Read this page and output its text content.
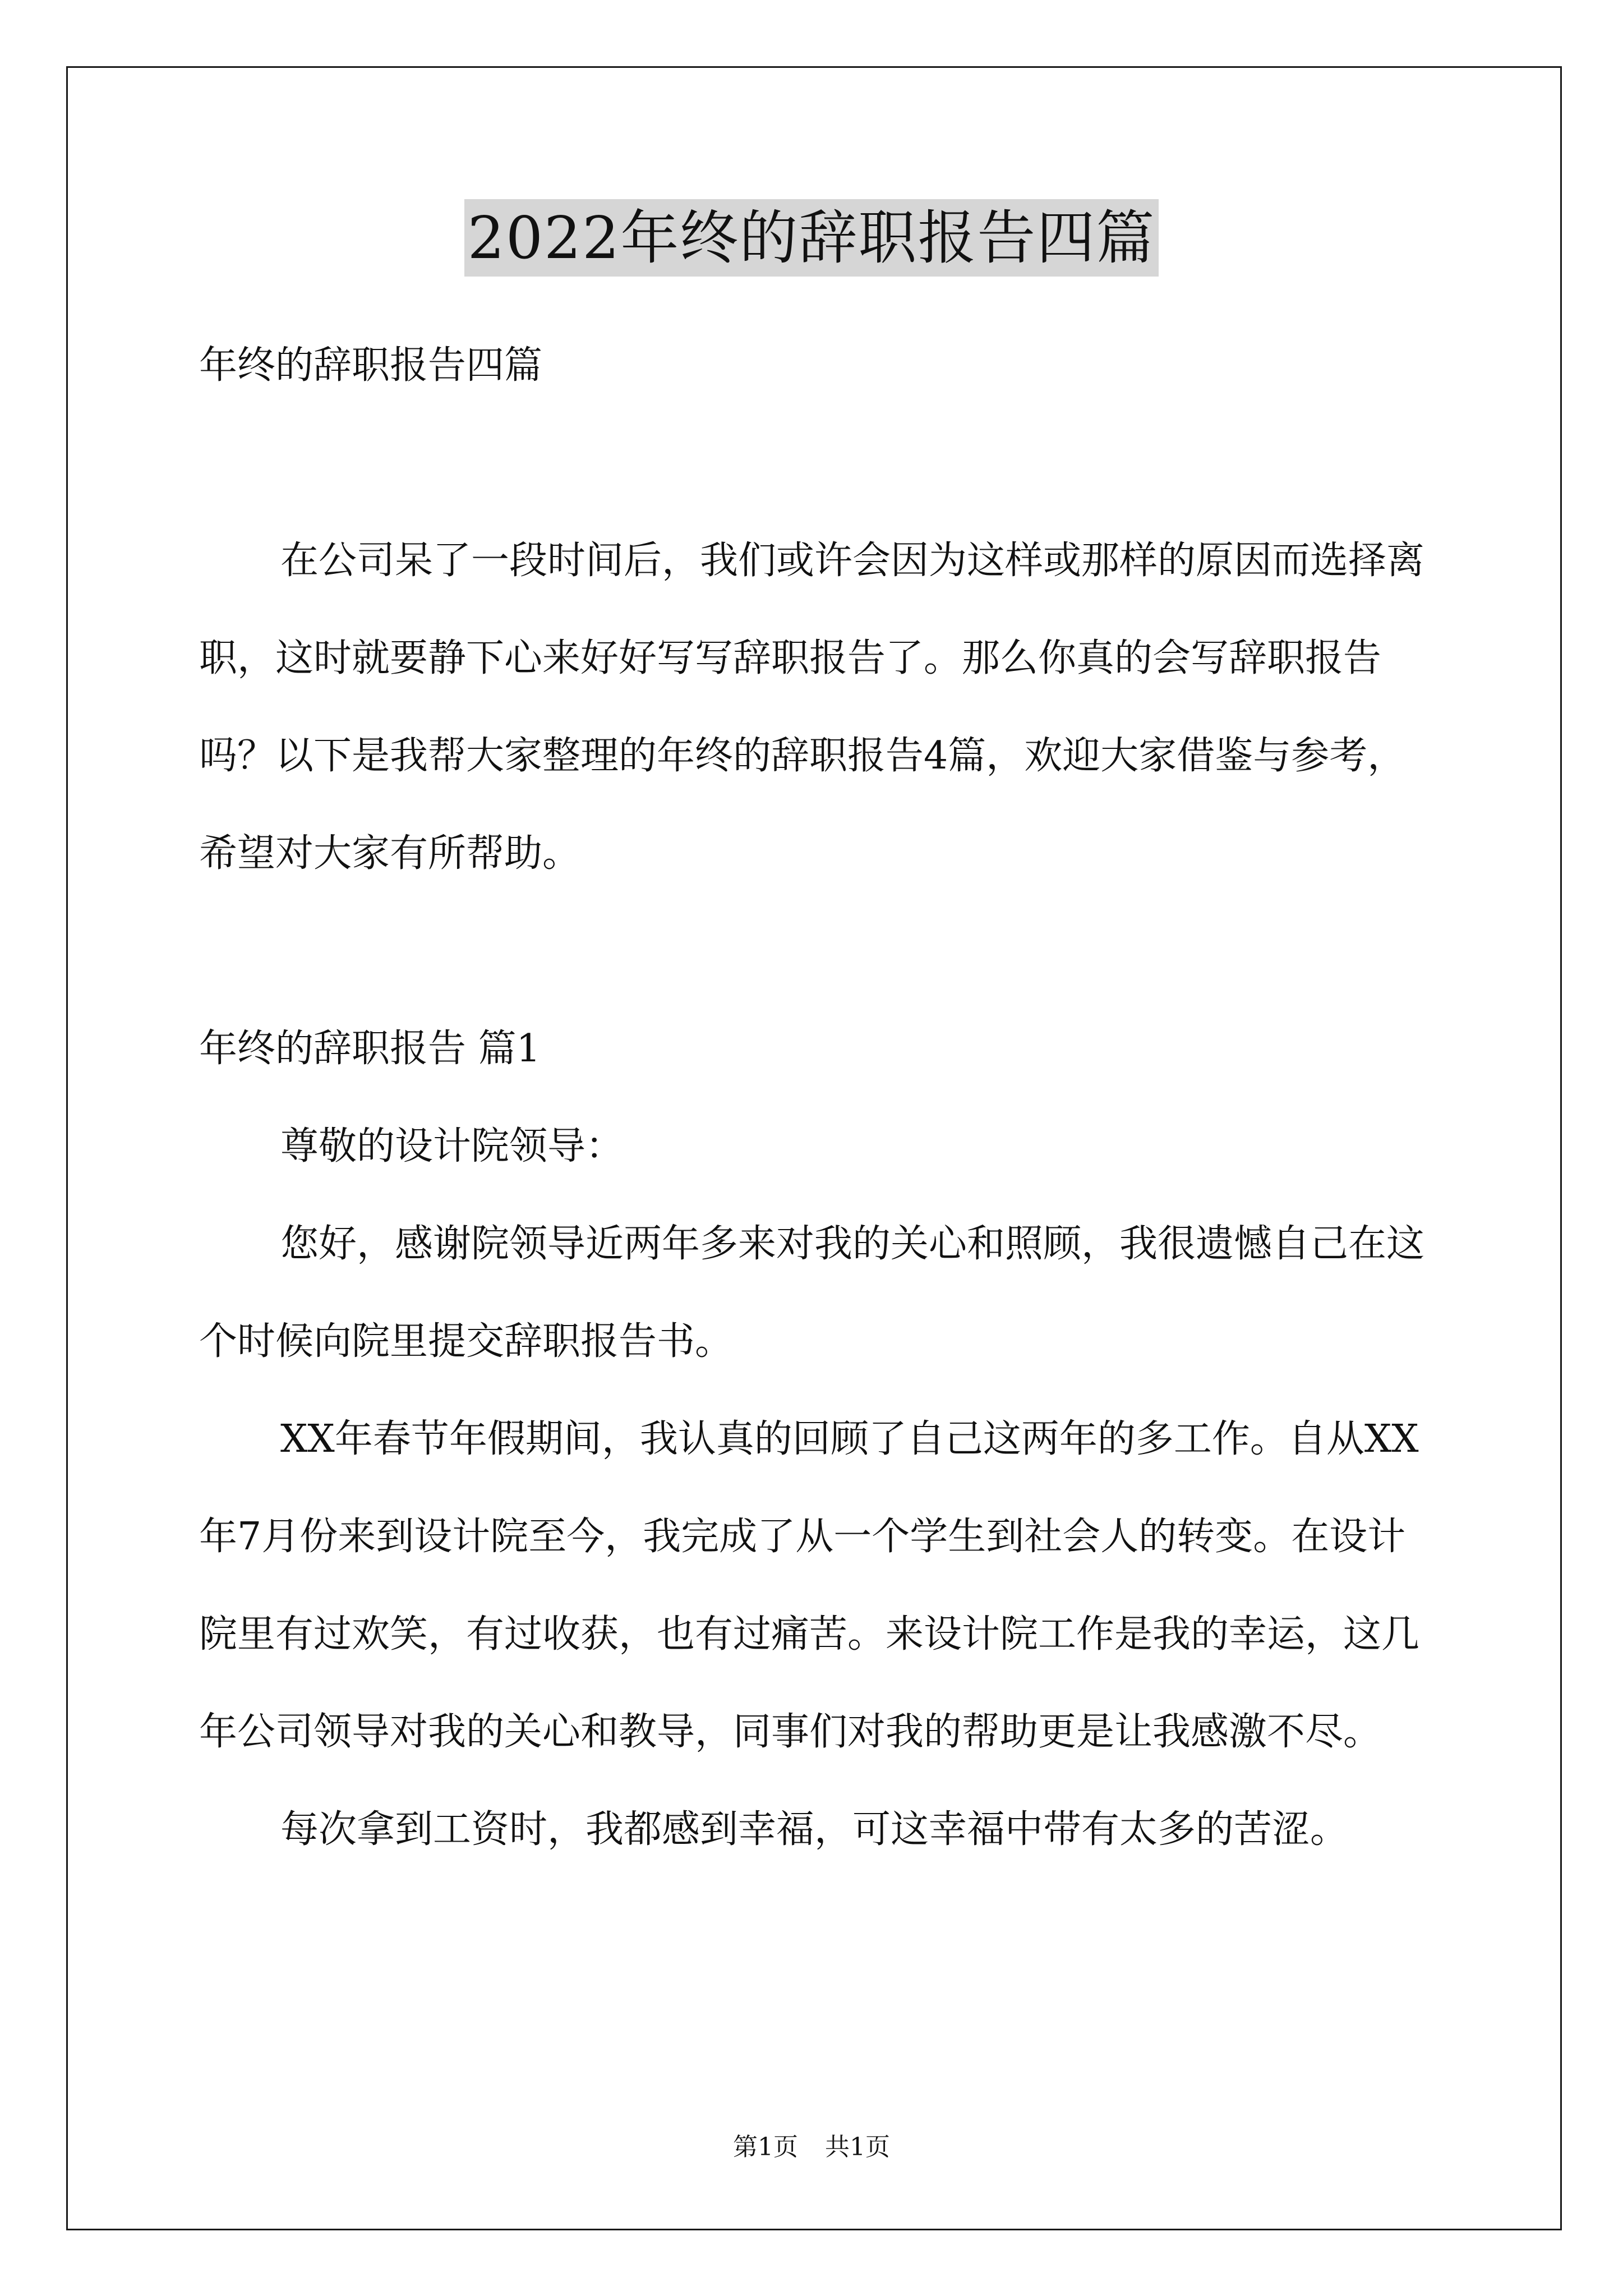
2022年终的辞职报告四篇

年终的辞职报告四篇

在公司呆了一段时间后，我们或许会因为这样或那样的原因而选择离职，这时就要静下心来好好写写辞职报告了。那么你真的会写辞职报告吗？以下是我帮大家整理的年终的辞职报告4篇，欢迎大家借鉴与参考，希望对大家有所帮助。

年终的辞职报告 篇1

尊敬的设计院领导：

您好，感谢院领导近两年多来对我的关心和照顾，我很遗憾自己在这个时候向院里提交辞职报告书。

XX年春节年假期间，我认真的回顾了自己这两年的多工作。自从XX年7月份来到设计院至今，我完成了从一个学生到社会人的转变。在设计院里有过欢笑，有过收获，也有过痛苦。来设计院工作是我的幸运，这几年公司领导对我的关心和教导，同事们对我的帮助更是让我感激不尽。

每次拿到工资时，我都感到幸福，可这幸福中带有太多的苦涩。

第1页 共1页
